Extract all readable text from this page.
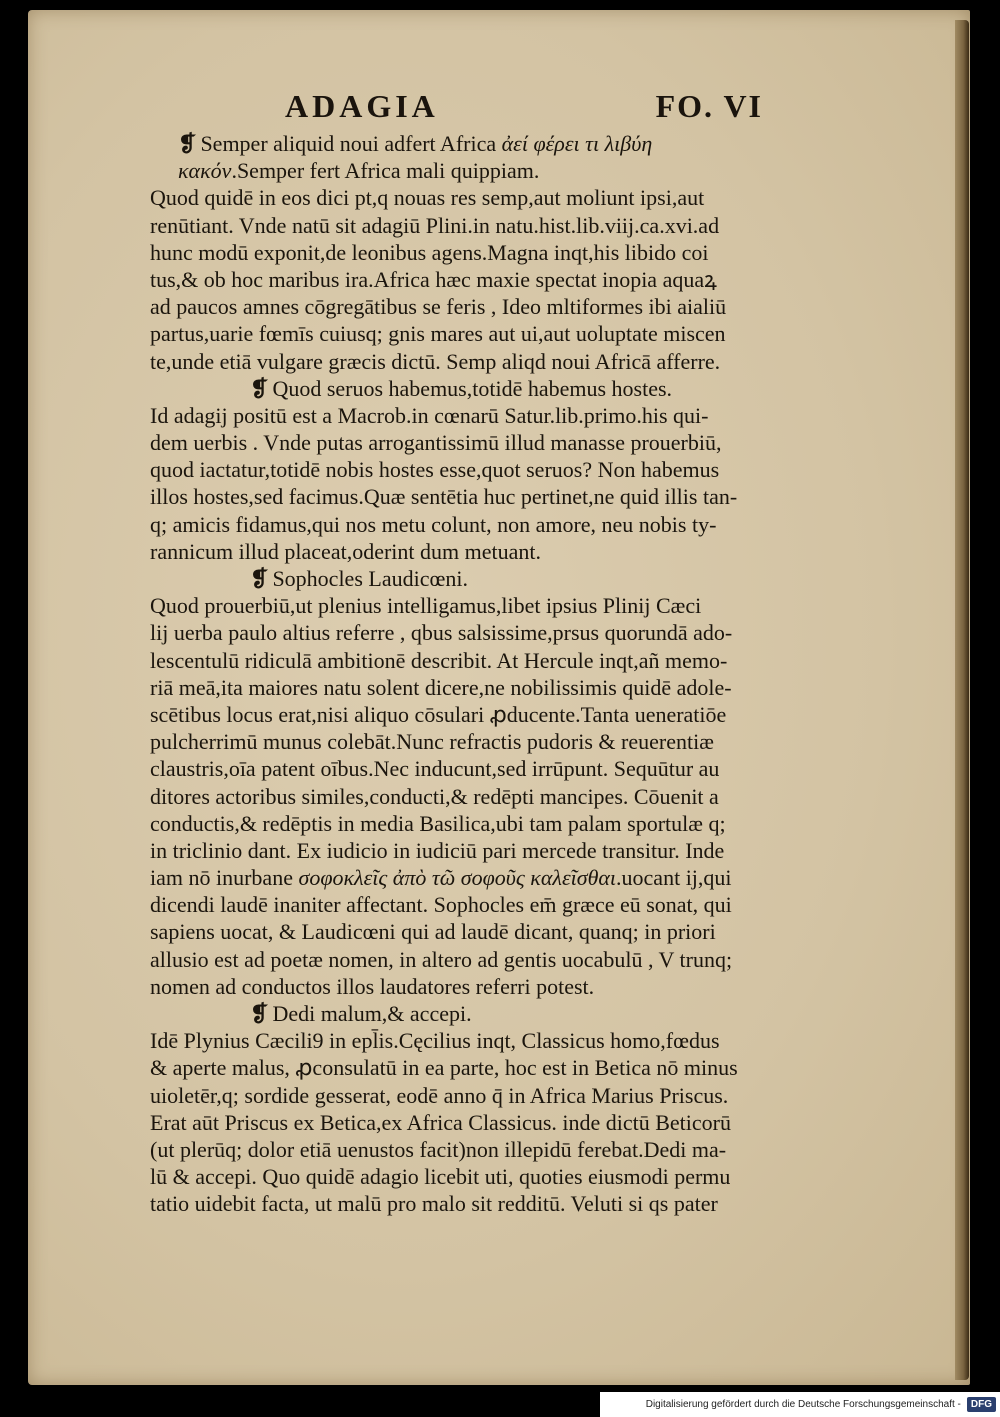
ADAGIA	FO. VI
❡ Semper aliquid noui adfert Africa ἀεί φέρει τι λιβύη
κακόν.Semper fert Africa mali quippiam.
Quod quidē in eos dici pt,q nouas res semp,aut moliunt ipsi,aut
renūtiant. Vnde natū sit adagiū Plini.in natu.hist.lib.viij.ca.xvi.ad
hunc modū exponit,de leonibus agens.Magna inqt,his libido coi
tus,& ob hoc maribus ira.Africa hæc maxie spectat inopia aquaꝝ
ad paucos amnes cōgregātibus se feris , Ideo mltiformes ibi aialiū
partus,uarie fœmīs cuiusq; gnis mares aut ui,aut uoluptate miscen
te,unde etiā vulgare græcis dictū. Semp aliqd noui Africā afferre.
❡ Quod seruos habemus,totidē habemus hostes.
Id adagij positū est a Macrob.in cœnarū Satur.lib.primo.his qui-
dem uerbis . Vnde putas arrogantissimū illud manasse prouerbiū,
quod iactatur,totidē nobis hostes esse,quot seruos? Non habemus
illos hostes,sed facimus.Quæ sentētia huc pertinet,ne quid illis tan-
q; amicis fidamus,qui nos metu colunt, non amore, neu nobis ty-
rannicum illud placeat,oderint dum metuant.
❡ Sophocles Laudicœni.
Quod prouerbiū,ut plenius intelligamus,libet ipsius Plinij Cæci
lij uerba paulo altius referre , qbus salsissime,prsus quorundā ado-
lescentulū ridiculā ambitionē describit. At Hercule inqt,añ memo-
riā meā,ita maiores natu solent dicere,ne nobilissimis quidē adole-
scētibus locus erat,nisi aliquo cōsulari ꝓducente.Tanta ueneratiōe
pulcherrimū munus colebāt.Nunc refractis pudoris & reuerentiæ
claustris,oīa patent oībus.Nec inducunt,sed irrūpunt. Sequūtur au
ditores actoribus similes,conducti,& redēpti mancipes. Cōuenit a
conductis,& redēptis in media Basilica,ubi tam palam sportulæ q;
in triclinio dant. Ex iudicio in iudiciū pari mercede transitur. Inde
iam nō inurbane σοφοκλεῖς ἀπὸ τῶ σοφοῦς καλεῖσθαι.uocant ij,qui
dicendi laudē inaniter affectant. Sophocles em̄ græce eū sonat, qui
sapiens uocat, & Laudicœni qui ad laudē dicant, quanq; in priori
allusio est ad poetæ nomen, in altero ad gentis uocabulū , V trunq;
nomen ad conductos illos laudatores referri potest.
❡ Dedi malum,& accepi.
Idē Plynius Cæcili9 in epl̄is.Cęcilius inqt, Classicus homo,fœdus
& aperte malus, ꝓconsulatū in ea parte, hoc est in Betica nō minus
uioletēr,q; sordide gesserat, eodē anno q̄ in Africa Marius Priscus.
Erat aūt Priscus ex Betica,ex Africa Classicus. inde dictū Beticorū
(ut plerūq; dolor etiā uenustos facit)non illepidū ferebat.Dedi ma-
lū & accepi. Quo quidē adagio licebit uti, quoties eiusmodi permu
tatio uidebit facta, ut malū pro malo sit redditū. Veluti si qs pater
Digitalisierung gefördert durch die Deutsche Forschungsgemeinschaft -	DFG
